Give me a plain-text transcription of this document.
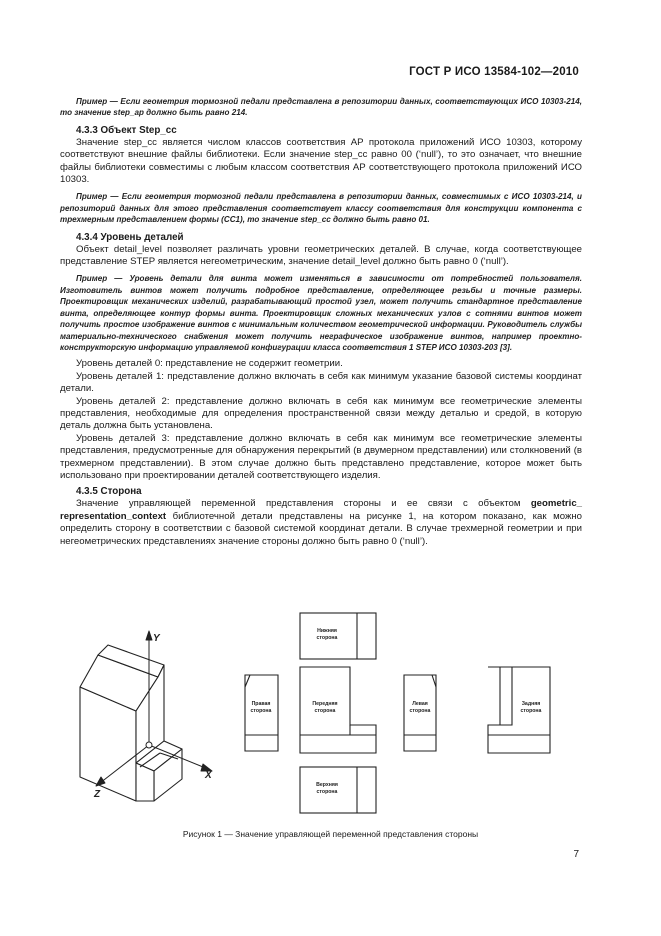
ГОСТ Р ИСО 13584-102—2010

Пример — Если геометрия тормозной педали представлена в репозитории данных, соответствующих ИСО 10303-214, то значение step_ap должно быть равно 214.

4.3.3 Объект Step_cc

Значение step_cc является числом классов соответствия АР протокола приложений ИСО 10303, которому соответствуют внешние файлы библиотеки. Если значение step_cc равно 00 (‘null’), то это означает, что внешние файлы библиотеки совместимы с любым классом соответствия АР соответствующего протокола приложений ИСО 10303.

Пример — Если геометрия тормозной педали представлена в репозитории данных, совместимых с ИСО 10303-214, и репозиторий данных для этого представления соответствует классу соответствия для конструкции компонента с трехмерным представлением формы (СС1), то значение step_cc должно быть равно 01.

4.3.4 Уровень деталей

Объект detail_level позволяет различать уровни геометрических деталей. В случае, когда соответствующее представление STEP является негеометрическим, значение detail_level должно быть равно 0 (‘null’).

Пример — Уровень детали для винта может изменяться в зависимости от потребностей пользователя. Изготовитель винтов может получить подробное представление, определяющее резьбы и точные размеры. Проектировщик механических изделий, разрабатывающий простой узел, может получить стандартное представление винта, определяющее контур формы винта. Проектировщик сложных механических узлов с сотнями винтов может получить простое изображение винтов с минимальным количеством геометрической информации. Руководитель службы материально-технического снабжения может получить неграфическое изображение винтов, например проектно-конструкторскую информацию управляемой конфигурации класса соответствия 1 STEP ИСО 10303-203 [3].

Уровень деталей 0: представление не содержит геометрии.

Уровень деталей 1: представление должно включать в себя как минимум указание базовой системы координат детали.

Уровень деталей 2: представление должно включать в себя как минимум все геометрические элементы представления, необходимые для определения пространственной связи между деталью и средой, в которую деталь должна быть установлена.

Уровень деталей 3: представление должно включать в себя как минимум все геометрические элементы представления, предусмотренные для обнаружения перекрытий (в двумерном представлении) или столкновений (в трехмерном представлении). В этом случае должно быть представлено представление, которое может быть использовано при проектировании деталей соответствующего изделия.

4.3.5 Сторона

Значение управляющей переменной представления стороны и ее связи с объектом geometric_ representation_context библиотечной детали представлены на рисунке 1, на котором показано, как можно определить сторону в соответствии с базовой системой координат детали. В случае трехмерной геометрии и при негеометрических представлениях значение стороны должно быть равно 0 (‘null’).

Y
X
Z
Нижняя
сторона
Правая
сторона
Передняя
сторона
Левая
сторона
Задняя
сторона
Верхняя
сторона
Рисунок 1 — Значение управляющей переменной представления стороны
7
